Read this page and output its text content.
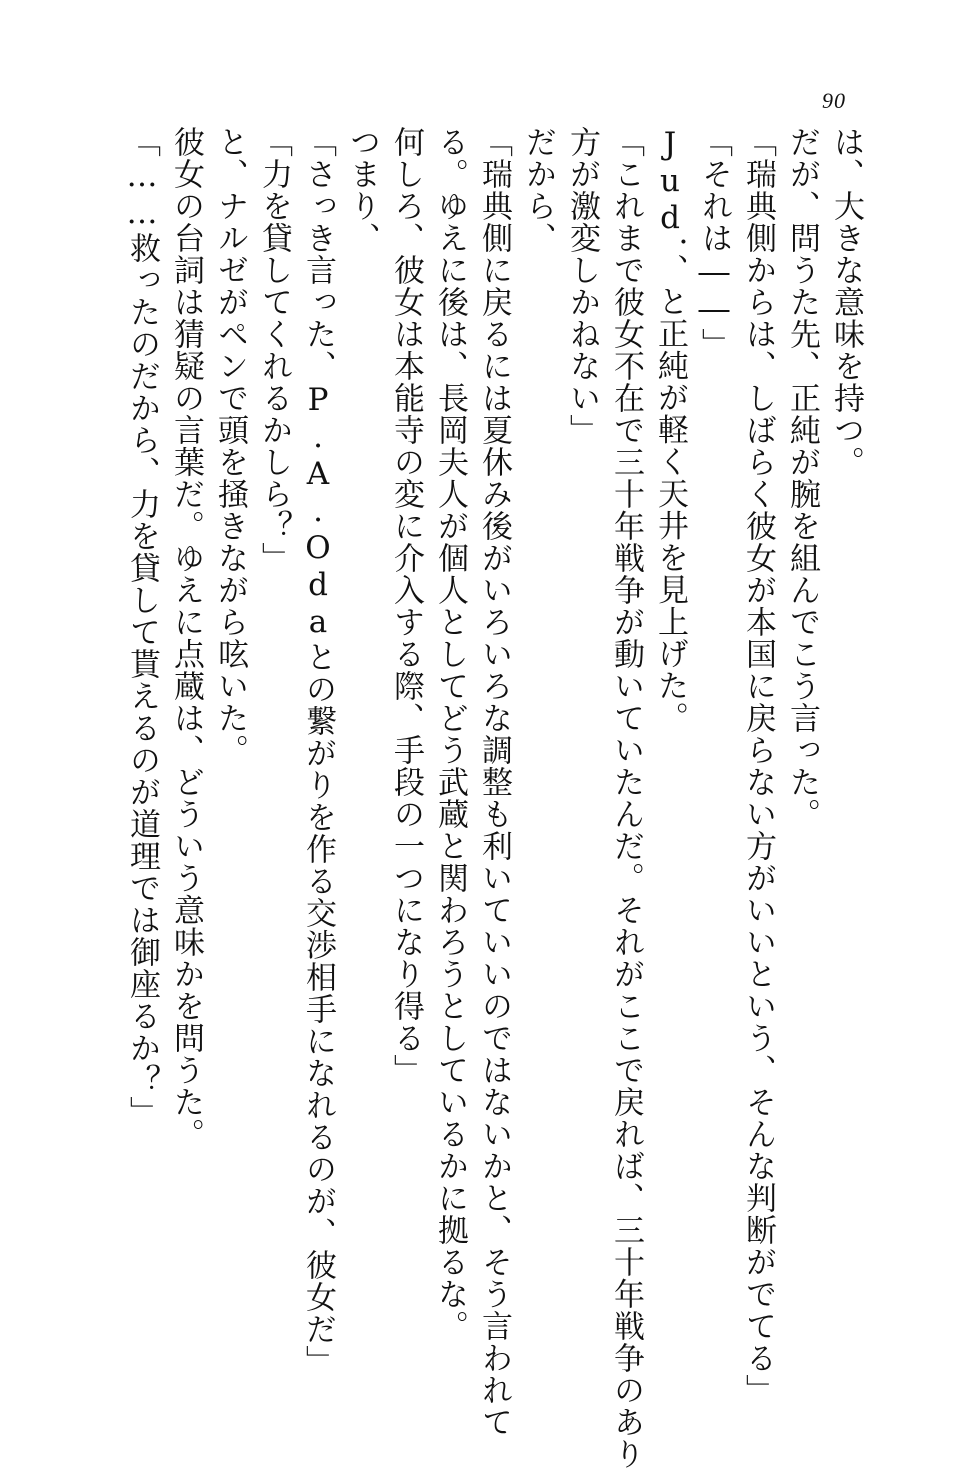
90
は、大きな意味を持つ。
だが、問うた先、正純が腕を組んでこう言った。
「瑞典側からは、しばらく彼女が本国に戻らない方がいいという、そんな判断がでてる」
「それは――」
Jud．、と正純が軽く天井を見上げた。
「これまで彼女不在で三十年戦争が動いていたんだ。それがここで戻れば、三十年戦争のあり
方が激変しかねない」
だから、
「瑞典側に戻るには夏休み後がいろいろな調整も利いていいのではないかと、そう言われて
る。ゆえに後は、長岡夫人が個人としてどう武蔵と関わろうとしているかに拠るな。
何しろ、彼女は本能寺の変に介入する際、手段の一つになり得る」
つまり、
「さっき言った、P.A.Odaとの繋がりを作る交渉相手になれるのが、彼女だ」
「力を貸してくれるかしら？」
と、ナルゼがペンで頭を掻きながら呟いた。
彼女の台詞は猜疑の言葉だ。ゆえに点蔵は、どういう意味かを問うた。
「……救ったのだから、力を貸して貰えるのが道理では御座るか？」
